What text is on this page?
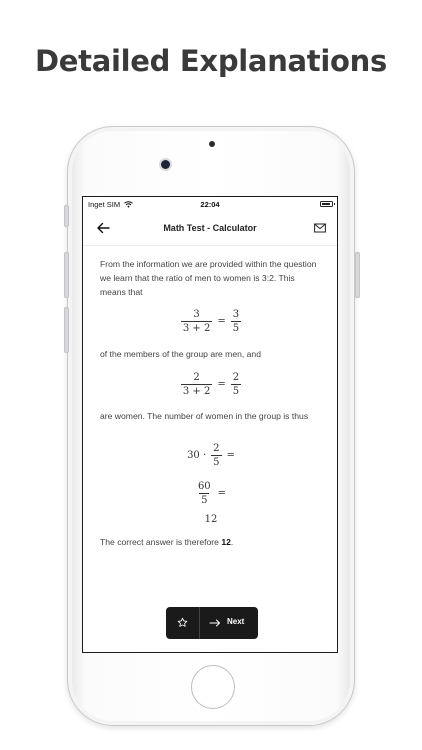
Detailed Explanations
Inget SIM	22:04
Math Test - Calculator

From the information we are provided within the question we learn that the ratio of men to women is 3:2. This means that

$\frac{3}{3 + 2} = \frac{3}{5}$

of the members of the group are men, and

$\frac{2}{3 + 2} = \frac{2}{5}$

are women. The number of women in the group is thus

$30 \cdot \frac{2}{5}$ =
$\frac{60}{5}$ =
12

The correct answer is therefore 12.

Next
